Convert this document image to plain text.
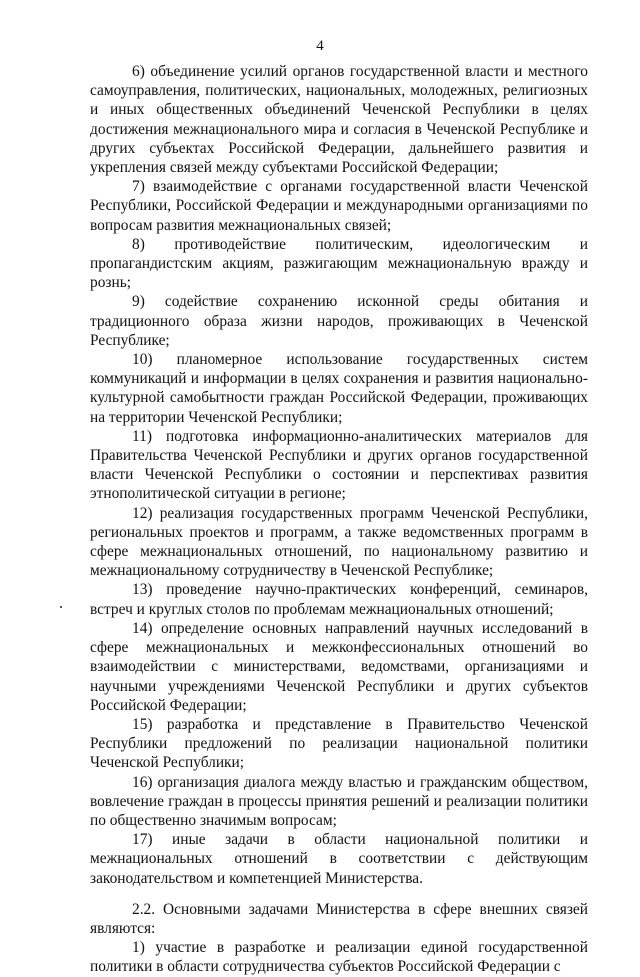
4

6) объединение усилий органов государственной власти и местного самоуправления, политических, национальных, молодежных, религиозных и иных общественных объединений Чеченской Республики в целях достижения межнационального мира и согласия в Чеченской Республике и других субъектах Российской Федерации, дальнейшего развития и укрепления связей между субъектами Российской Федерации;

7) взаимодействие с органами государственной власти Чеченской Республики, Российской Федерации и международными организациями по вопросам развития межнациональных связей;

8) противодействие политическим, идеологическим и пропагандистским акциям, разжигающим межнациональную вражду и рознь;

9) содействие сохранению исконной среды обитания и традиционного образа жизни народов, проживающих в Чеченской Республике;

10) планомерное использование государственных систем коммуникаций и информации в целях сохранения и развития национально-культурной самобытности граждан Российской Федерации, проживающих на территории Чеченской Республики;

11) подготовка информационно-аналитических материалов для Правительства Чеченской Республики и других органов государственной власти Чеченской Республики о состоянии и перспективах развития этнополитической ситуации в регионе;

12) реализация государственных программ Чеченской Республики, региональных проектов и программ, а также ведомственных программ в сфере межнациональных отношений, по национальному развитию и межнациональному сотрудничеству в Чеченской Республике;

13) проведение научно-практических конференций, семинаров, встреч и круглых столов по проблемам межнациональных отношений;

14) определение основных направлений научных исследований в сфере межнациональных и межконфессиональных отношений во взаимодействии с министерствами, ведомствами, организациями и научными учреждениями Чеченской Республики и других субъектов Российской Федерации;

15) разработка и представление в Правительство Чеченской Республики предложений по реализации национальной политики Чеченской Республики;

16) организация диалога между властью и гражданским обществом, вовлечение граждан в процессы принятия решений и реализации политики по общественно значимым вопросам;

17) иные задачи в области национальной политики и межнациональных отношений в соответствии с действующим законодательством и компетенцией Министерства.

2.2. Основными задачами Министерства в сфере внешних связей являются:

1) участие в разработке и реализации единой государственной политики в области сотрудничества субъектов Российской Федерации с
